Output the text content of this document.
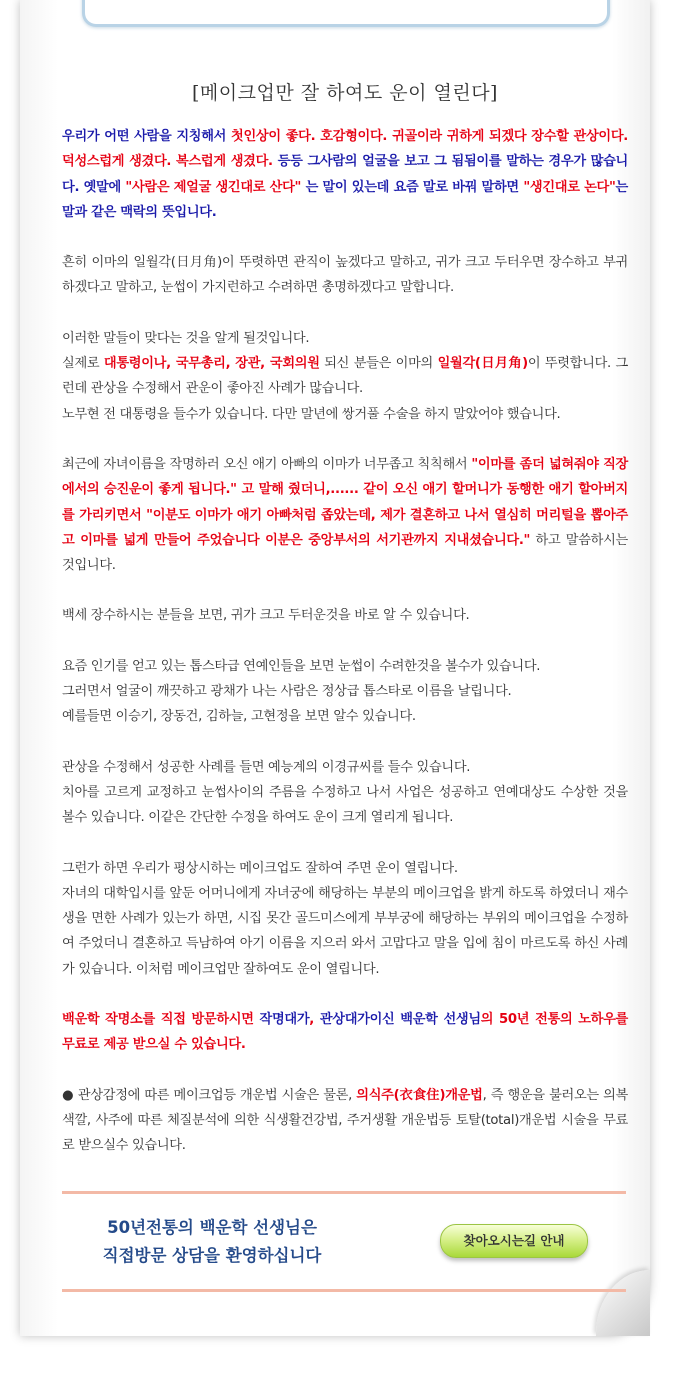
[메이크업만 잘 하여도 운이 열린다]

우리가 어떤 사람을 지칭해서 첫인상이 좋다. 호감형이다. 귀골이라 귀하게 되겠다 장수할 관상이다. 덕성스럽게 생겼다. 복스럽게 생겼다. 등등 그사람의 얼굴을 보고 그 됨됨이를 말하는 경우가 많습니다. 옛말에 "사람은 제얼굴 생긴대로 산다" 는 말이 있는데 요즘 말로 바꿔 말하면 "생긴대로 논다"는 말과 같은 맥락의 뜻입니다.

흔히 이마의 일월각(日月角)이 뚜렷하면 관직이 높겠다고 말하고, 귀가 크고 두터우면 장수하고 부귀 하겠다고 말하고, 눈썹이 가지런하고 수려하면 총명하겠다고 말합니다.

이러한 말들이 맞다는 것을 알게 될것입니다.
실제로 대통령이나, 국무총리, 장관, 국회의원 되신 분들은 이마의 일월각(日月角)이 뚜렷합니다. 그런데 관상을 수정해서 관운이 좋아진 사례가 많습니다.
노무현 전 대통령을 들수가 있습니다. 다만 말년에 쌍거풀 수술을 하지 말았어야 했습니다.

최근에 자녀이름을 작명하러 오신 애기 아빠의 이마가 너무좁고 칙칙해서 "이마를 좀더 넓혀줘야 직장에서의 승진운이 좋게 됩니다." 고 말해 줬더니,...... 같이 오신 애기 할머니가 동행한 애기 할아버지를 가리키면서 "이분도 이마가 애기 아빠처럼 좁았는데, 제가 결혼하고 나서 열심히 머리털을 뽑아주고 이마를 넓게 만들어 주었습니다 이분은 중앙부서의 서기관까지 지내셨습니다." 하고 말씀하시는 것입니다.

백세 장수하시는 분들을 보면, 귀가 크고 두터운것을 바로 알 수 있습니다.

요즘 인기를 얻고 있는 톱스타급 연예인들을 보면 눈썹이 수려한것을 볼수가 있습니다.
그러면서 얼굴이 깨끗하고 광채가 나는 사람은 정상급 톱스타로 이름을 날립니다.
예를들면 이승기, 장동건, 김하늘, 고현정을 보면 알수 있습니다.

관상을 수정해서 성공한 사례를 들면 예능계의 이경규씨를 들수 있습니다.
치아를 고르게 교정하고 눈썹사이의 주름을 수정하고 나서 사업은 성공하고 연예대상도 수상한 것을 볼수 있습니다. 이같은 간단한 수정을 하여도 운이 크게 열리게 됩니다.

그런가 하면 우리가 평상시하는 메이크업도 잘하여 주면 운이 열립니다.
자녀의 대학입시를 앞둔 어머니에게 자녀궁에 해당하는 부분의 메이크업을 밝게 하도록 하였더니 재수생을 면한 사례가 있는가 하면, 시집 못간 골드미스에게 부부궁에 해당하는 부위의 메이크업을 수정하여 주었더니 결혼하고 득남하여 아기 이름을 지으러 와서 고맙다고 말을 입에 침이 마르도록 하신 사례가 있습니다. 이처럼 메이크업만 잘하여도 운이 열립니다.

백운학 작명소를 직접 방문하시면 작명대가, 관상대가이신 백운학 선생님의 50년 전통의 노하우를 무료로 제공 받으실 수 있습니다.

● 관상감정에 따른 메이크업등 개운법 시술은 물론, 의식주(衣食住)개운법, 즉 행운을 불러오는 의복색깔, 사주에 따른 체질분석에 의한 식생활건강법, 주거생활 개운법등 토탈(total)개운법 시술을 무료로 받으실수 있습니다.

50년전통의 백운학 선생님은
직접방문 상담을 환영하십니다
찾아오시는길 안내
